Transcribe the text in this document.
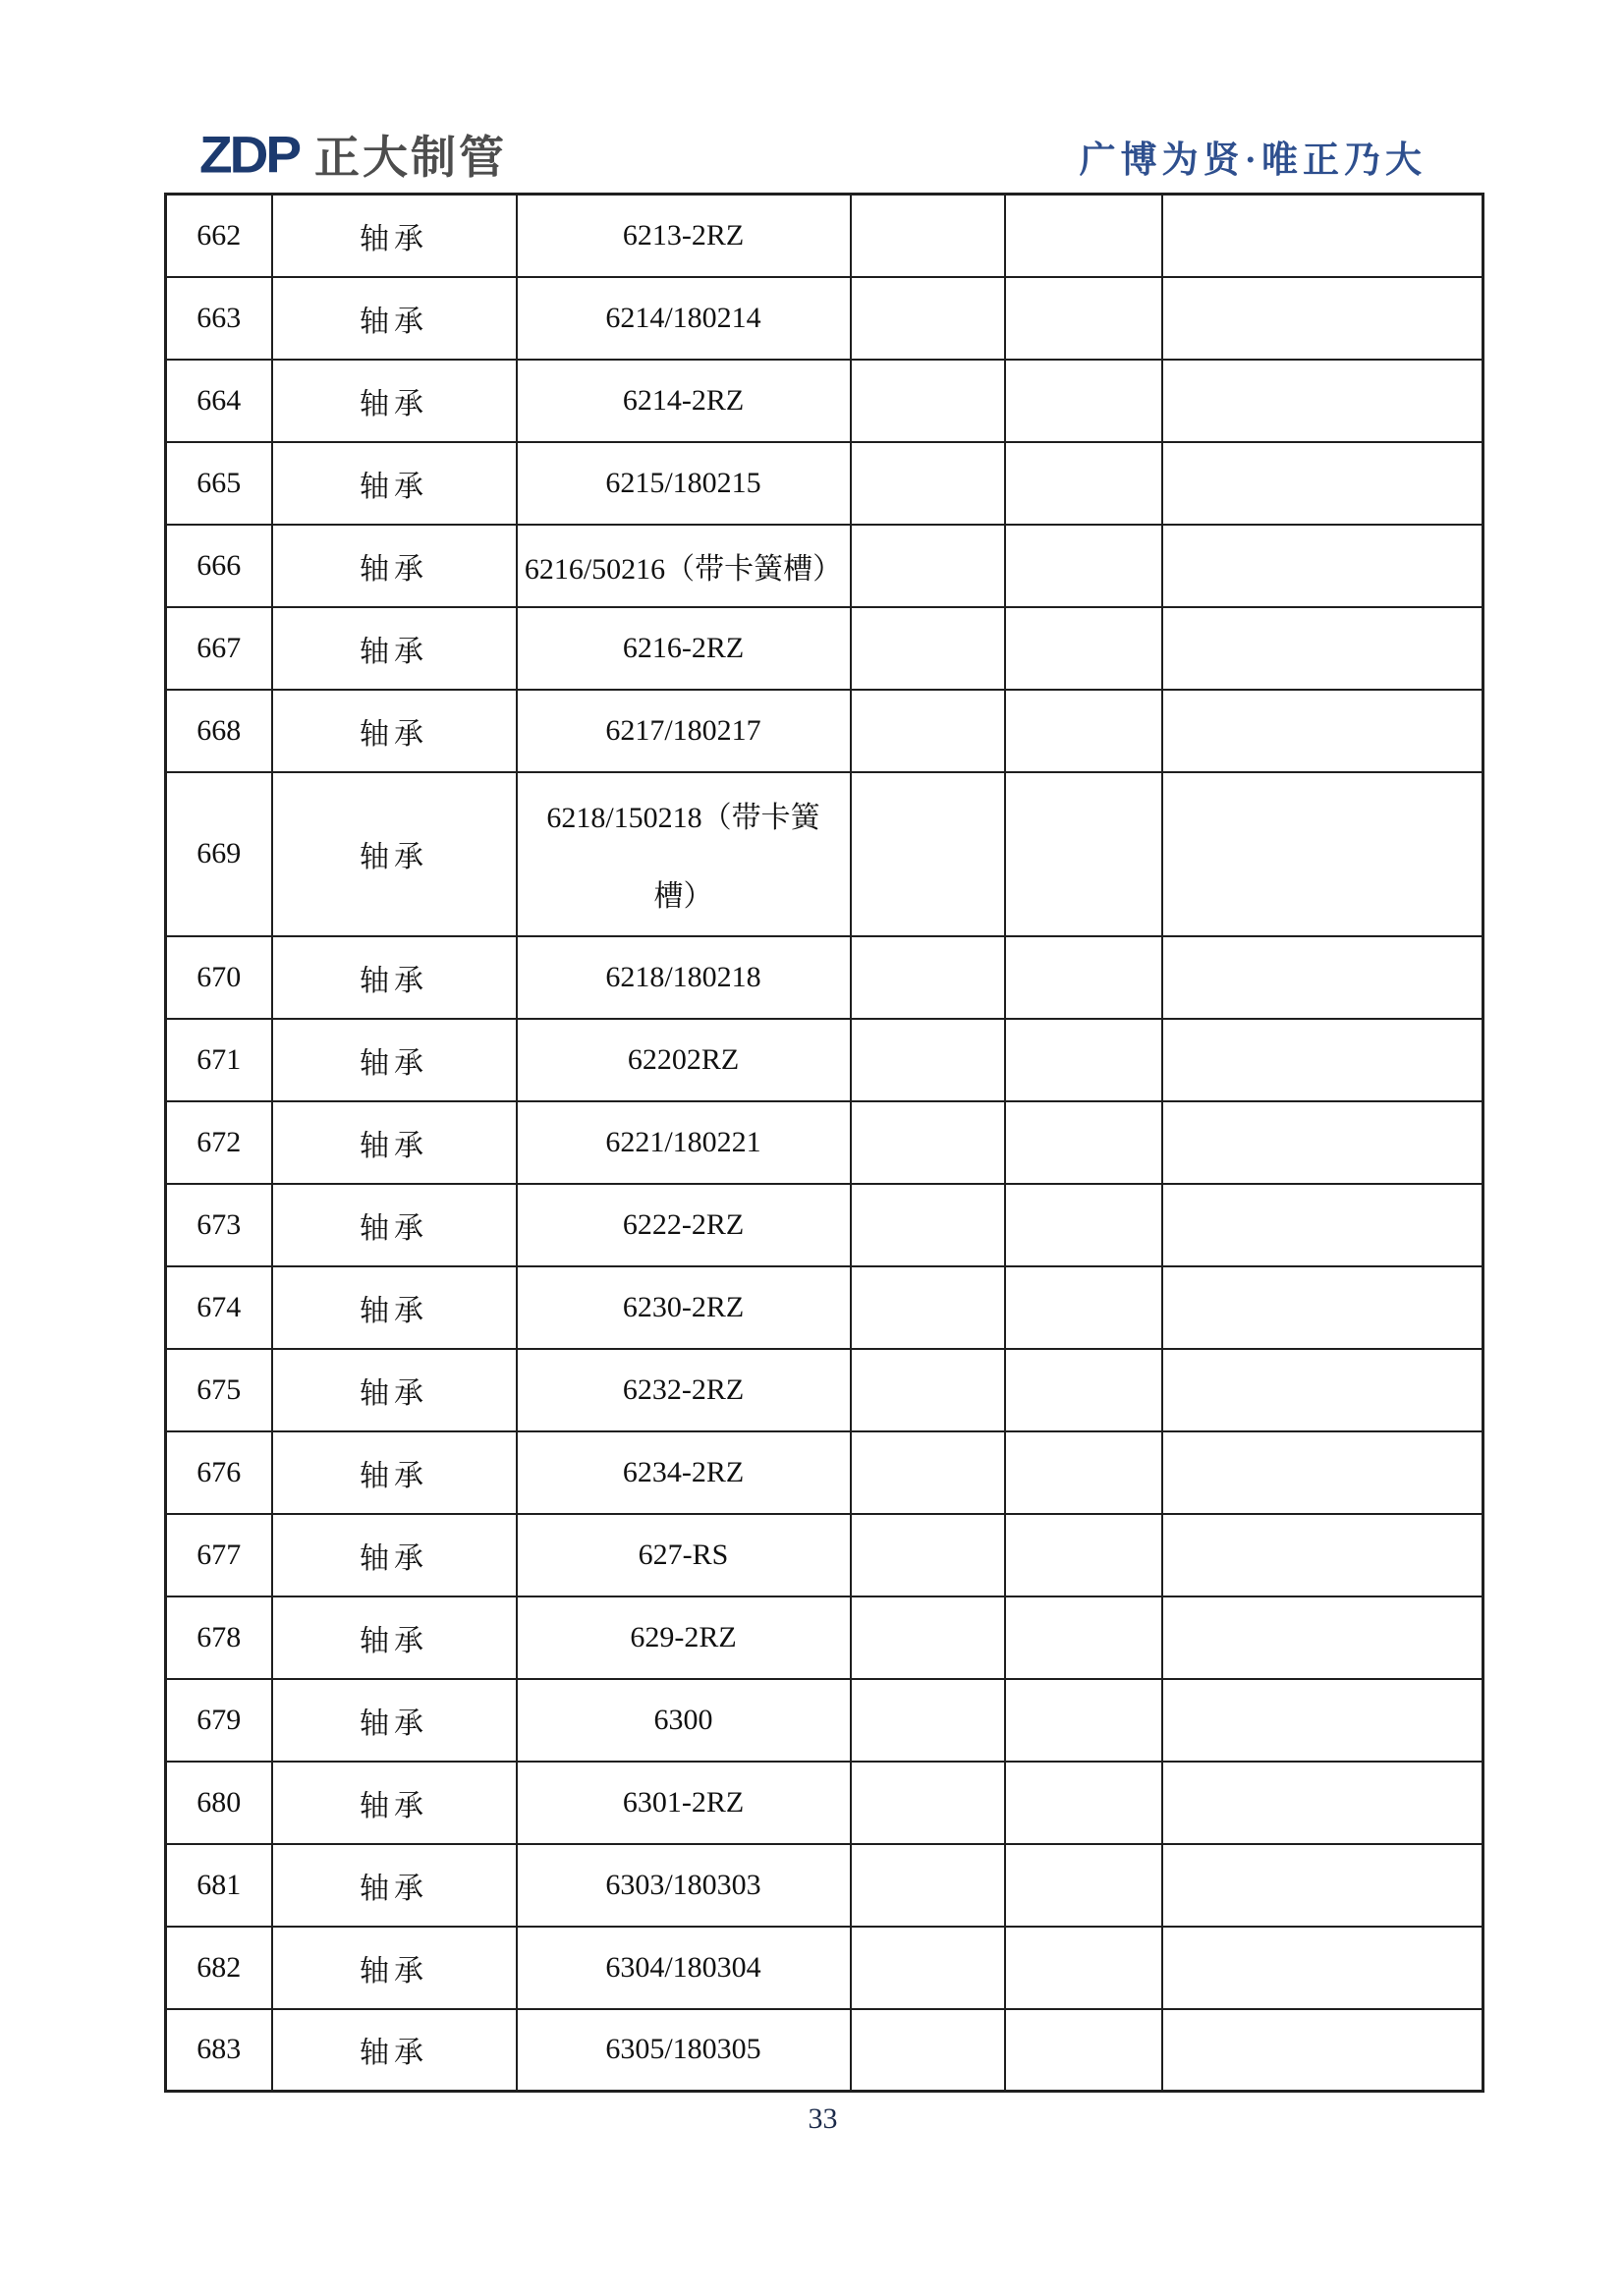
ZDP 正大制管	广博为贤·唯正乃大
662	轴承	6213-2RZ			
663	轴承	6214/180214			
664	轴承	6214-2RZ			
665	轴承	6215/180215			
666	轴承	6216/50216（带卡簧槽）			
667	轴承	6216-2RZ			
668	轴承	6217/180217			
669	轴承	6218/150218（带卡簧
槽）			

670	轴承	6218/180218			
671	轴承	62202RZ			
672	轴承	6221/180221			
673	轴承	6222-2RZ			
674	轴承	6230-2RZ			
675	轴承	6232-2RZ			
676	轴承	6234-2RZ			
677	轴承	627-RS			
678	轴承	629-2RZ			
679	轴承	6300			
680	轴承	6301-2RZ			
681	轴承	6303/180303			
682	轴承	6304/180304			
683	轴承	6305/180305			
33
